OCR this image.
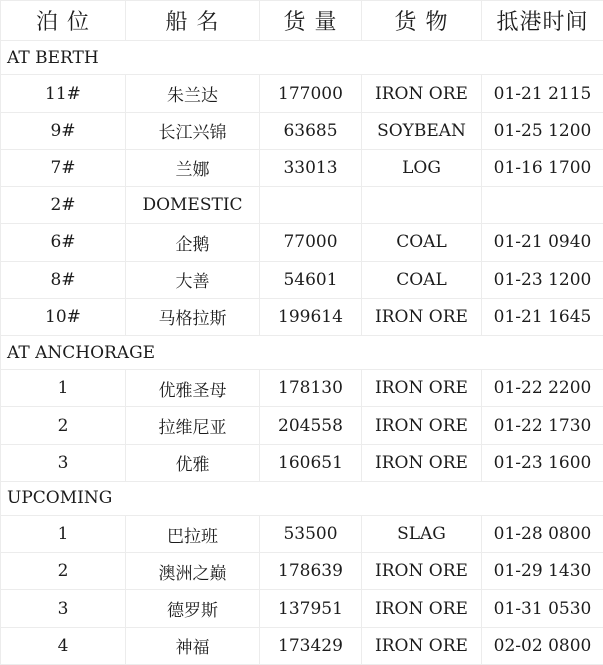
泊 位	船 名	货 量	货 物	抵港时间
AT BERTH				
11#	朱兰达	177000	IRON ORE	01-21 2115
9#	长江兴锦	63685	SOYBEAN	01-25 1200
7#	兰娜	33013	LOG	01-16 1700
2#	DOMESTIC			
6#	企鹅	77000	COAL	01-21 0940
8#	大善	54601	COAL	01-23 1200
10#	马格拉斯	199614	IRON ORE	01-21 1645
AT ANCHORAGE				
1	优雅圣母	178130	IRON ORE	01-22 2200
2	拉维尼亚	204558	IRON ORE	01-22 1730
3	优雅	160651	IRON ORE	01-23 1600
UPCOMING				
1	巴拉班	53500	SLAG	01-28 0800
2	澳洲之巅	178639	IRON ORE	01-29 1430
3	德罗斯	137951	IRON ORE	01-31 0530
4	神福	173429	IRON ORE	02-02 0800
